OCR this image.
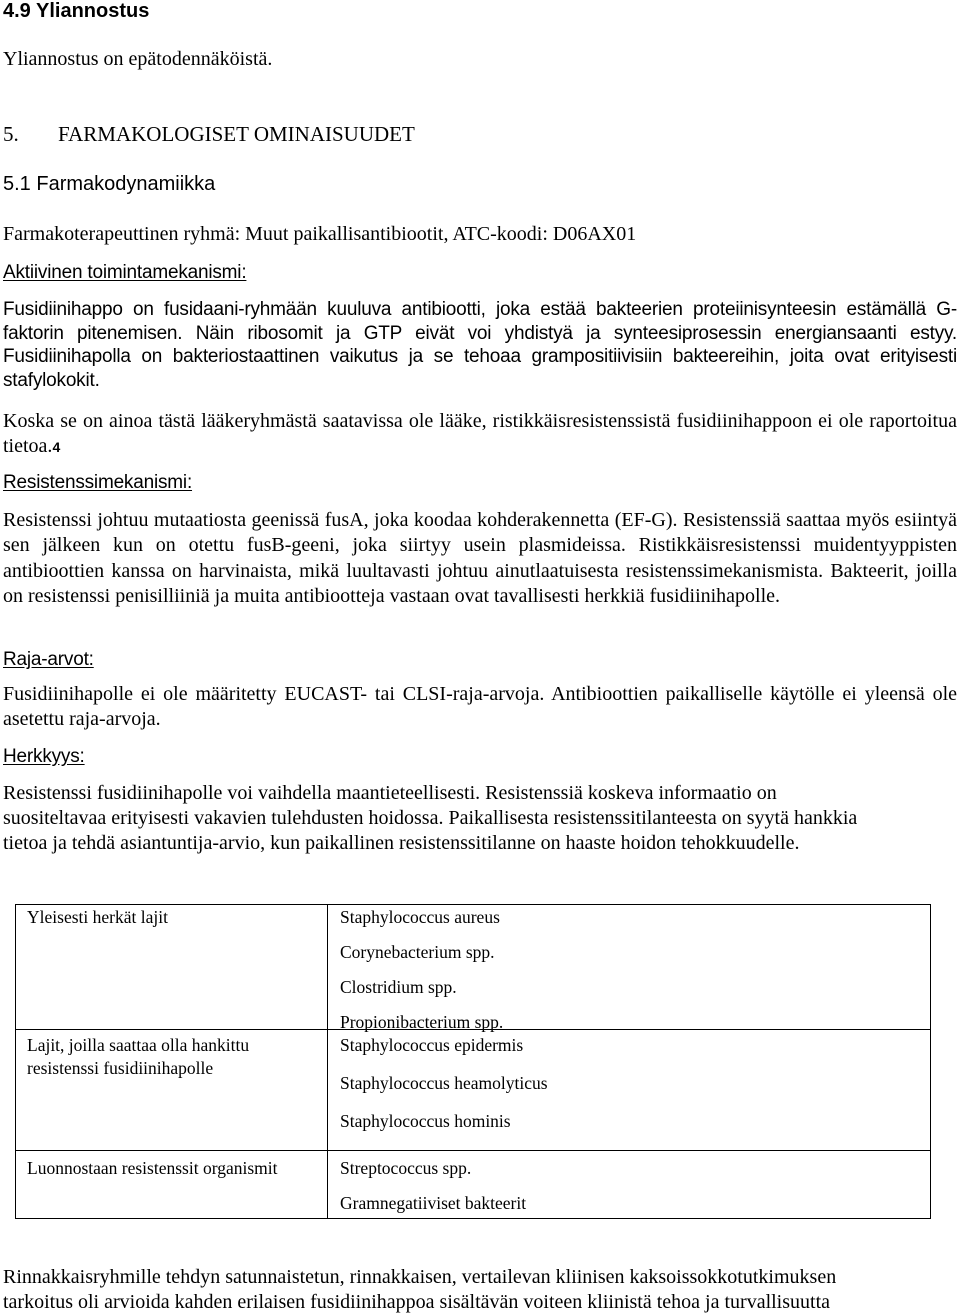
4.9 Yliannostus
Yliannostus on epätodennäköistä.
5. FARMAKOLOGISET OMINAISUUDET
5.1 Farmakodynamiikka
Farmakoterapeuttinen ryhmä: Muut paikallisantibiootit, ATC-koodi: D06AX01
Aktiivinen toimintamekanismi:

Fusidiinihappo on fusidaani-ryhmään kuuluva antibiootti, joka estää bakteerien proteiinisynteesin estämällä G-faktorin pitenemisen. Näin ribosomit ja GTP eivät voi yhdistyä ja synteesiprosessin energiansaanti estyy. Fusidiinihapolla on bakteriostaattinen vaikutus ja se tehoaa grampositiivisiin bakteereihin, joita ovat erityisesti stafylokokit.

Koska se on ainoa tästä lääkeryhmästä saatavissa ole lääke, ristikkäisresistenssistä fusidiinihappoon ei ole raportoitua tietoa.4

Resistenssimekanismi:

Resistenssi johtuu mutaatiosta geenissä fusA, joka koodaa kohderakennetta (EF-G). Resistenssiä saattaa myös esiintyä sen jälkeen kun on otettu fusB-geeni, joka siirtyy usein plasmideissa. Ristikkäisresistenssi muidentyyppisten antibioottien kanssa on harvinaista, mikä luultavasti johtuu ainutlaatuisesta resistenssimekanismista. Bakteerit, joilla on resistenssi penisilliiniä ja muita antibiootteja vastaan ovat tavallisesti herkkiä fusidiinihapolle.

Raja-arvot:

Fusidiinihapolle ei ole määritetty EUCAST- tai CLSI-raja-arvoja. Antibioottien paikalliselle käytölle ei yleensä ole asetettu raja-arvoja.

Herkkyys:
Resistenssi fusidiinihapolle voi vaihdella maantieteellisesti. Resistenssiä koskeva informaatio on
suositeltavaa erityisesti vakavien tulehdusten hoidossa. Paikallisesta resistenssitilanteesta on syytä hankkia
tietoa ja tehdä asiantuntija-arvio, kun paikallinen resistenssitilanne on haaste hoidon tehokkuudelle.
Yleisesti herkät lajit	Staphylococcus aureus
Corynebacterium spp.
Clostridium spp.
Propionibacterium spp.
Lajit, joilla saattaa olla hankittu resistenssi fusidiinihapolle
Staphylococcus epidermis
Staphylococcus heamolyticus
Staphylococcus hominis
Luonnostaan resistenssit organismit	Streptococcus spp.
Gramnegatiiviset bakteerit
Rinnakkaisryhmille tehdyn satunnaistetun, rinnakkaisen, vertailevan kliinisen kaksoissokkotutkimuksen
tarkoitus oli arvioida kahden erilaisen fusidiinihappoa sisältävän voiteen kliinistä tehoa ja turvallisuutta
